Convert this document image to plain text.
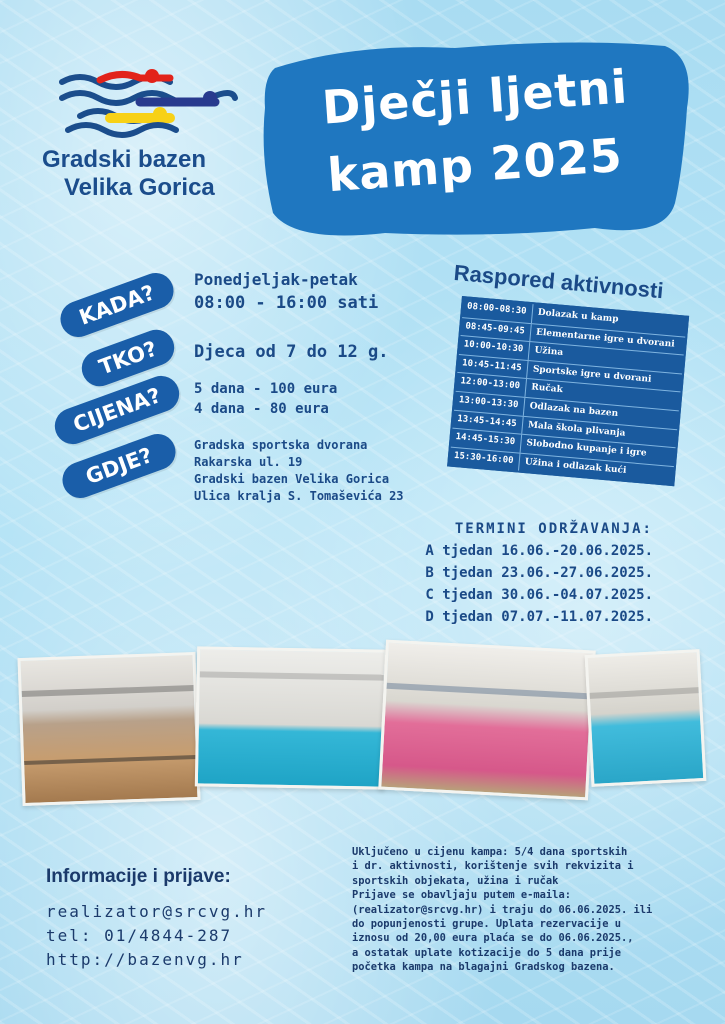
Gradski bazen
Velika Gorica
Dječji ljetni
kamp 2025
KADA?
TKO?
CIJENA?
GDJE?
Ponedjeljak-petak
08:00 - 16:00 sati
Djeca od 7 do 12 g.
5 dana - 100 eura
4 dana - 80 eura
Gradska sportska dvorana
Rakarska ul. 19
Gradski bazen Velika Gorica
Ulica kralja S. Tomaševića 23
Raspored aktivnosti
08:00-08:30	Dolazak u kamp
08:45-09:45	Elementarne igre u dvorani
10:00-10:30	Užina
10:45-11:45	Sportske igre u dvorani
12:00-13:00	Ručak
13:00-13:30	Odlazak na bazen
13:45-14:45	Mala škola plivanja
14:45-15:30	Slobodno kupanje i igre
15:30-16:00	Užina i odlazak kući
TERMINI ODRŽAVANJA:
A tjedan 16.06.-20.06.2025.
B tjedan 23.06.-27.06.2025.
C tjedan 30.06.-04.07.2025.
D tjedan 07.07.-11.07.2025.
Informacije i prijave:
realizator@srcvg.hr
tel: 01/4844-287
http://bazenvg.hr
Uključeno u cijenu kampa: 5/4 dana sportskih
i dr. aktivnosti, korištenje svih rekvizita i
sportskih objekata, užina i ručak
Prijave se obavljaju putem e-maila:
(realizator@srcvg.hr) i traju do 06.06.2025. ili
do popunjenosti grupe. Uplata rezervacije u
iznosu od 20,00 eura plaća se do 06.06.2025.,
a ostatak uplate kotizacije do 5 dana prije
početka kampa na blagajni Gradskog bazena.
